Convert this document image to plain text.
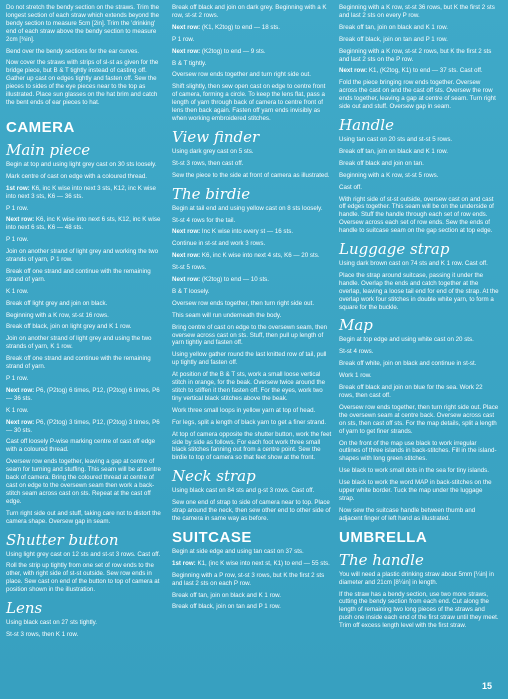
Do not stretch the bendy section on the straws. Trim the longest section of each straw which extends beyond the bendy section to measure 5cm [2in]. Trim the 'drinking' end of each straw above the bendy section to measure 2cm [¾in].

Bend over the bendy sections for the ear curves.

Now cover the straws with strips of sl-st as given for the bridge piece, but B & T tightly instead of casting off. Gather up cast on edges tightly and fasten off. Sew the pieces to sides of the eye pieces near to the top as illustrated. Place sun glasses on the hat brim and catch the bent ends of ear pieces to hat.

CAMERA
Main piece

Begin at top and using light grey cast on 30 sts loosely.

Mark centre of cast on edge with a coloured thread.

1st row: K6, inc K wise into next 3 sts, K12, inc K wise into next 3 sts, K6 — 36 sts.

P 1 row.

Next row: K6, inc K wise into next 6 sts, K12, inc K wise into next 6 sts, K6 — 48 sts.

P 1 row.

Join on another strand of light grey and working the two strands of yarn, P 1 row.

Break off one strand and continue with the remaining strand of yarn.

K 1 row.

Break off light grey and join on black.

Beginning with a K row, st-st 16 rows.

Break off black, join on light grey and K 1 row.

Join on another strand of light grey and using the two strands of yarn, K 1 row.

Break off one strand and continue with the remaining strand of yarn.

P 1 row.

Next row: P6, (P2tog) 6 times, P12, (P2tog) 6 times, P6 — 36 sts.

K 1 row.

Next row: P6, (P2tog) 3 times, P12, (P2tog) 3 times, P6 — 30 sts.

Cast off loosely P-wise marking centre of cast off edge with a coloured thread.

Oversew row ends together, leaving a gap at centre of seam for turning and stuffing. This seam will be at centre back of camera. Bring the coloured thread at centre of cast on edge to the oversewn seam then work a back-stitch seam across cast on sts. Repeat at the cast off edge.

Turn right side out and stuff, taking care not to distort the camera shape. Oversew gap in seam.

Shutter button

Using light grey cast on 12 sts and st-st 3 rows. Cast off.

Roll the strip up tightly from one set of row ends to the other, with right side of st-st outside. Sew row ends in place. Sew cast on end of the button to top of camera at position shown in the illustration.

Lens

Using black cast on 27 sts tightly.

St-st 3 rows, then K 1 row.

Break off black and join on dark grey. Beginning with a K row, st-st 2 rows.

Next row: (K1, K2tog) to end — 18 sts.

P 1 row.

Next row: (K2tog) to end — 9 sts.

B & T tightly.

Oversew row ends together and turn right side out.

Shift slightly, then sew open cast on edge to centre front of camera, forming a circle. To keep the lens flat, pass a length of yarn through back of camera to centre front of lens then back again. Fasten off yarn ends invisibly as when working embroidered stitches.

View finder

Using dark grey cast on 5 sts.

St-st 3 rows, then cast off.

Sew the piece to the side at front of camera as illustrated.

The birdie

Begin at tail end and using yellow cast on 8 sts loosely.

St-st 4 rows for the tail.

Next row: Inc K wise into every st — 16 sts.

Continue in st-st and work 3 rows.

Next row: K6, inc K wise into next 4 sts, K6 — 20 sts.

St-st 5 rows.

Next row: (K2tog) to end — 10 sts.

B & T loosely.

Oversew row ends together, then turn right side out.

This seam will run underneath the body.

Bring centre of cast on edge to the oversewn seam, then oversew across cast on sts. Stuff, then pull up length of yarn tightly and fasten off.

Using yellow gather round the last knitted row of tail, pull up tightly and fasten off.

At position of the B & T sts, work a small loose vertical stitch in orange, for the beak. Oversew twice around the stitch to stiffen it then fasten off. For the eyes, work two tiny vertical black stitches above the beak.

Work three small loops in yellow yarn at top of head.

For legs, split a length of black yarn to get a finer strand.

At top of camera opposite the shutter button, work the feet side by side as follows. For each foot work three small black stitches fanning out from a centre point. Sew the birdie to top of camera so that feet show at the front.

Neck strap

Using black cast on 84 sts and g-st 3 rows. Cast off.

Sew one end of strap to side of camera near to top. Place strap around the neck, then sew other end to other side of the camera in same way as before.

SUITCASE

Begin at side edge and using tan cast on 37 sts.

1st row: K1, (inc K wise into next st, K1) to end — 55 sts.

Beginning with a P row, st-st 3 rows, but K the first 2 sts and last 2 sts on each P row.

Break off tan, join on black and K 1 row.

Break off black, join on tan and P 1 row.

Beginning with a K row, st-st 36 rows, but K the first 2 sts and last 2 sts on every P row.

Break off tan, join on black and K 1 row.

Break off black, join on tan and P 1 row.

Beginning with a K row, st-st 2 rows, but K the first 2 sts and last 2 sts on the P row.

Next row: K1, (K2tog, K1) to end — 37 sts. Cast off.

Fold the piece bringing row ends together. Oversew across the cast on and the cast off sts. Oversew the row ends together, leaving a gap at centre of seam. Turn right side out and stuff. Oversew gap in seam.

Handle

Using tan cast on 20 sts and st-st 5 rows.

Break off tan, join on black and K 1 row.

Break off black and join on tan.

Beginning with a K row, st-st 5 rows.

Cast off.

With right side of st-st outside, oversew cast on and cast off edges together. This seam will be on the underside of handle. Stuff the handle through each set of row ends. Oversew across each set of row ends. Sew the ends of handle to suitcase seam on the gap section at top edge.

Luggage strap

Using dark brown cast on 74 sts and K 1 row. Cast off.

Place the strap around suitcase, passing it under the handle. Overlap the ends and catch together at the overlap, leaving a loose tail end for end of the strap. At the overlap work four stitches in double white yarn, to form a square for the buckle.

Map

Begin at top edge and using white cast on 20 sts.

St-st 4 rows.

Break off white, join on black and continue in st-st.

Work 1 row.

Break off black and join on blue for the sea. Work 22 rows, then cast off.

Oversew row ends together, then turn right side out. Place the oversewn seam at centre back. Oversew across cast on sts, then cast off sts. For the map details, split a length of yarn to get finer strands.

On the front of the map use black to work irregular outlines of three islands in back-stitches. Fill in the island-shapes with long green stitches.

Use black to work small dots in the sea for tiny islands.

Use black to work the word MAP in back-stitches on the upper white border. Tuck the map under the luggage strap.

Now sew the suitcase handle between thumb and adjacent finger of left hand as illustrated.

UMBRELLA
The handle

You will need a plastic drinking straw about 5mm [¼in] in diameter and 21cm [8¼in] in length.

If the straw has a bendy section, use two more straws, cutting the bendy section from each end. Cut along the length of remaining two long pieces of the straws and push one inside each end of the first straw until they meet. Trim off excess length level with the first straw.

15
